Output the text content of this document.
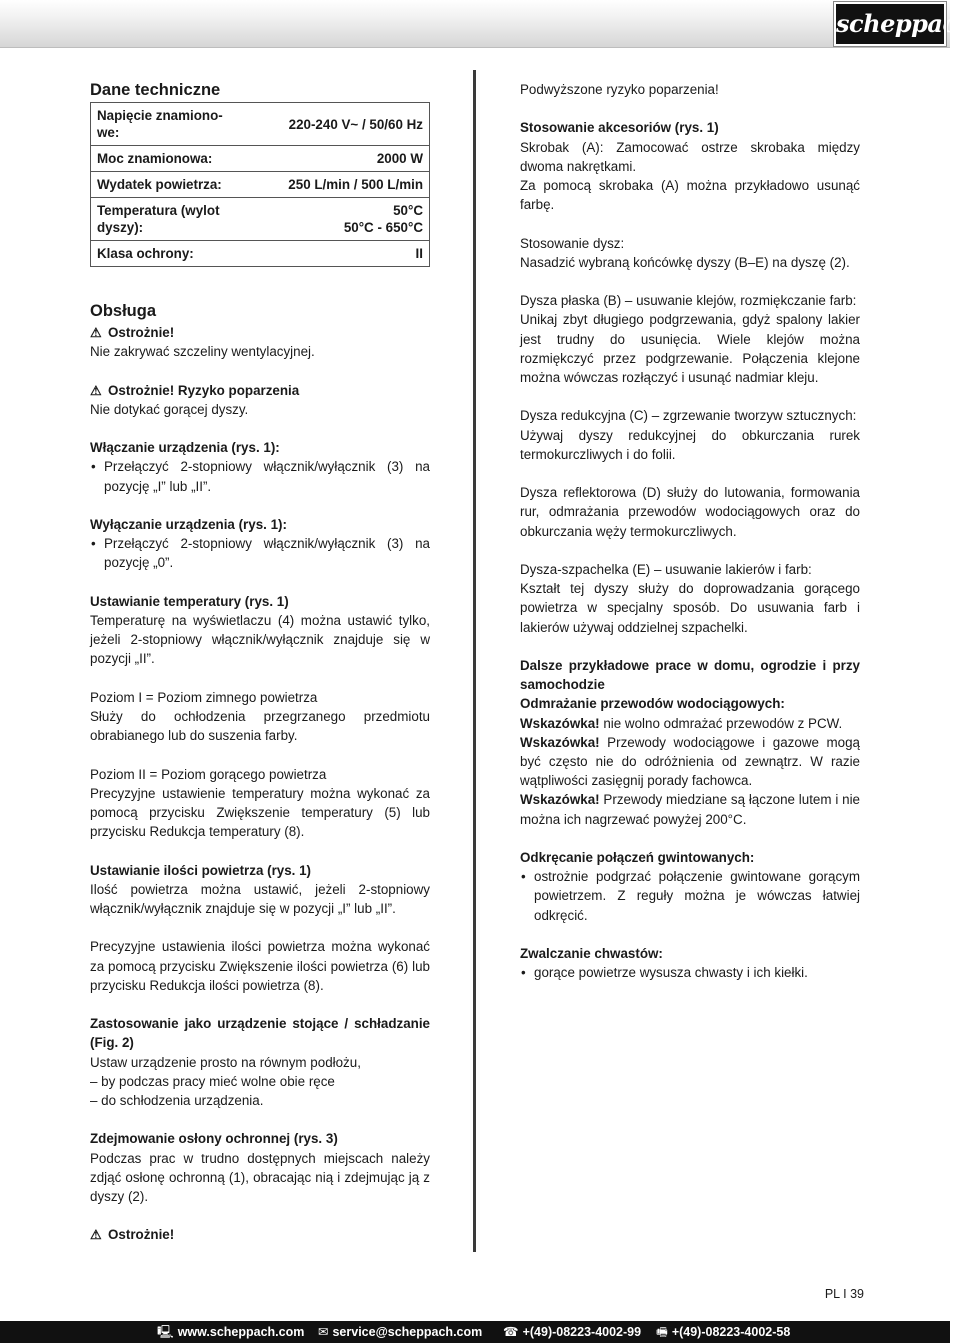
scheppach
Dane techniczne
Napięcie znamiono-we:	220-240 V~ / 50/60 Hz
Moc znamionowa:	2000 W
Wydatek powietrza:	250 L/min / 500 L/min
Temperatura (wylot dyszy):	50°C
50°C - 650°C

Klasa ochrony:	II
Obsługa

⚠ Ostrożnie!

Nie zakrywać szczeliny wentylacyjnej.

⚠ Ostrożnie! Ryzyko poparzenia

Nie dotykać gorącej dyszy.

Włączanie urządzenia (rys. 1):

• Przełączyć 2-stopniowy włącznik/wyłącznik (3) na pozycję „I” lub „II”.

Wyłączanie urządzenia (rys. 1):

• Przełączyć 2-stopniowy włącznik/wyłącznik (3) na pozycję „0”.

Ustawianie temperatury (rys. 1)

Temperaturę na wyświetlaczu (4) można ustawić tylko, jeżeli 2-stopniowy włącznik/wyłącznik znajduje się w pozycji „II”.

Poziom I = Poziom zimnego powietrza

Służy do ochłodzenia przegrzanego przedmiotu obrabianego lub do suszenia farby.

Poziom II = Poziom gorącego powietrza

Precyzyjne ustawienie temperatury można wykonać za pomocą przycisku Zwiększenie temperatury (5) lub przycisku Redukcja temperatury (8).

Ustawianie ilości powietrza (rys. 1)

Ilość powietrza można ustawić, jeżeli 2-stopniowy włącznik/wyłącznik znajduje się w pozycji „I” lub „II”.

Precyzyjne ustawienia ilości powietrza można wykonać za pomocą przycisku Zwiększenie ilości powietrza (6) lub przycisku Redukcja ilości powietrza (8).

Zastosowanie jako urządzenie stojące / schładzanie (Fig. 2)

Ustaw urządzenie prosto na równym podłożu,

– by podczas pracy mieć wolne obie ręce

– do schłodzenia urządzenia.

Zdejmowanie osłony ochronnej (rys. 3)

Podczas prac w trudno dostępnych miejscach należy zdjąć osłonę ochronną (1), obracając nią i zdejmując ją z dyszy (2).

⚠ Ostrożnie!

Podwyższone ryzyko poparzenia!

Stosowanie akcesoriów (rys. 1)

Skrobak (A): Zamocować ostrze skrobaka między dwoma nakrętkami.

Za pomocą skrobaka (A) można przykładowo usunąć farbę.

Stosowanie dysz:

Nasadzić wybraną końcówkę dyszy (B–E) na dyszę (2).

Dysza płaska (B) – usuwanie klejów, rozmiękczanie farb:

Unikaj zbyt długiego podgrzewania, gdyż spalony lakier jest trudny do usunięcia. Wiele klejów można rozmiękczyć przez podgrzewanie. Połączenia klejone można wówczas rozłączyć i usunąć nadmiar kleju.

Dysza redukcyjna (C) – zgrzewanie tworzyw sztucznych:

Używaj dyszy redukcyjnej do obkurczania rurek termokurczliwych i do folii.

Dysza reflektorowa (D) służy do lutowania, formowania rur, odmrażania przewodów wodociągowych oraz do obkurczania węży termokurczliwych.

Dysza-szpachelka (E) – usuwanie lakierów i farb:

Kształt tej dyszy służy do doprowadzania gorącego powietrza w specjalny sposób. Do usuwania farb i lakierów używaj oddzielnej szpachelki.

Dalsze przykładowe prace w domu, ogrodzie i przy samochodzie

Odmrażanie przewodów wodociągowych:

Wskazówka! nie wolno odmrażać przewodów z PCW.

Wskazówka! Przewody wodociągowe i gazowe mogą być często nie do odróżnienia od zewnątrz. W razie wątpliwości zasięgnij porady fachowca.

Wskazówka! Przewody miedziane są łączone lutem i nie można ich nagrzewać powyżej 200°C.

Odkręcanie połączeń gwintowanych:

• ostrożnie podgrzać połączenie gwintowane gorącym powietrzem. Z reguły można je wówczas łatwiej odkręcić.

Zwalczanie chwastów:

• gorące powietrze wysusza chwasty i ich kiełki.
PL I 39
🖳 www.scheppach.com ✉ service@scheppach.com ☎ +(49)-08223-4002-99 🖷 +(49)-08223-4002-58
